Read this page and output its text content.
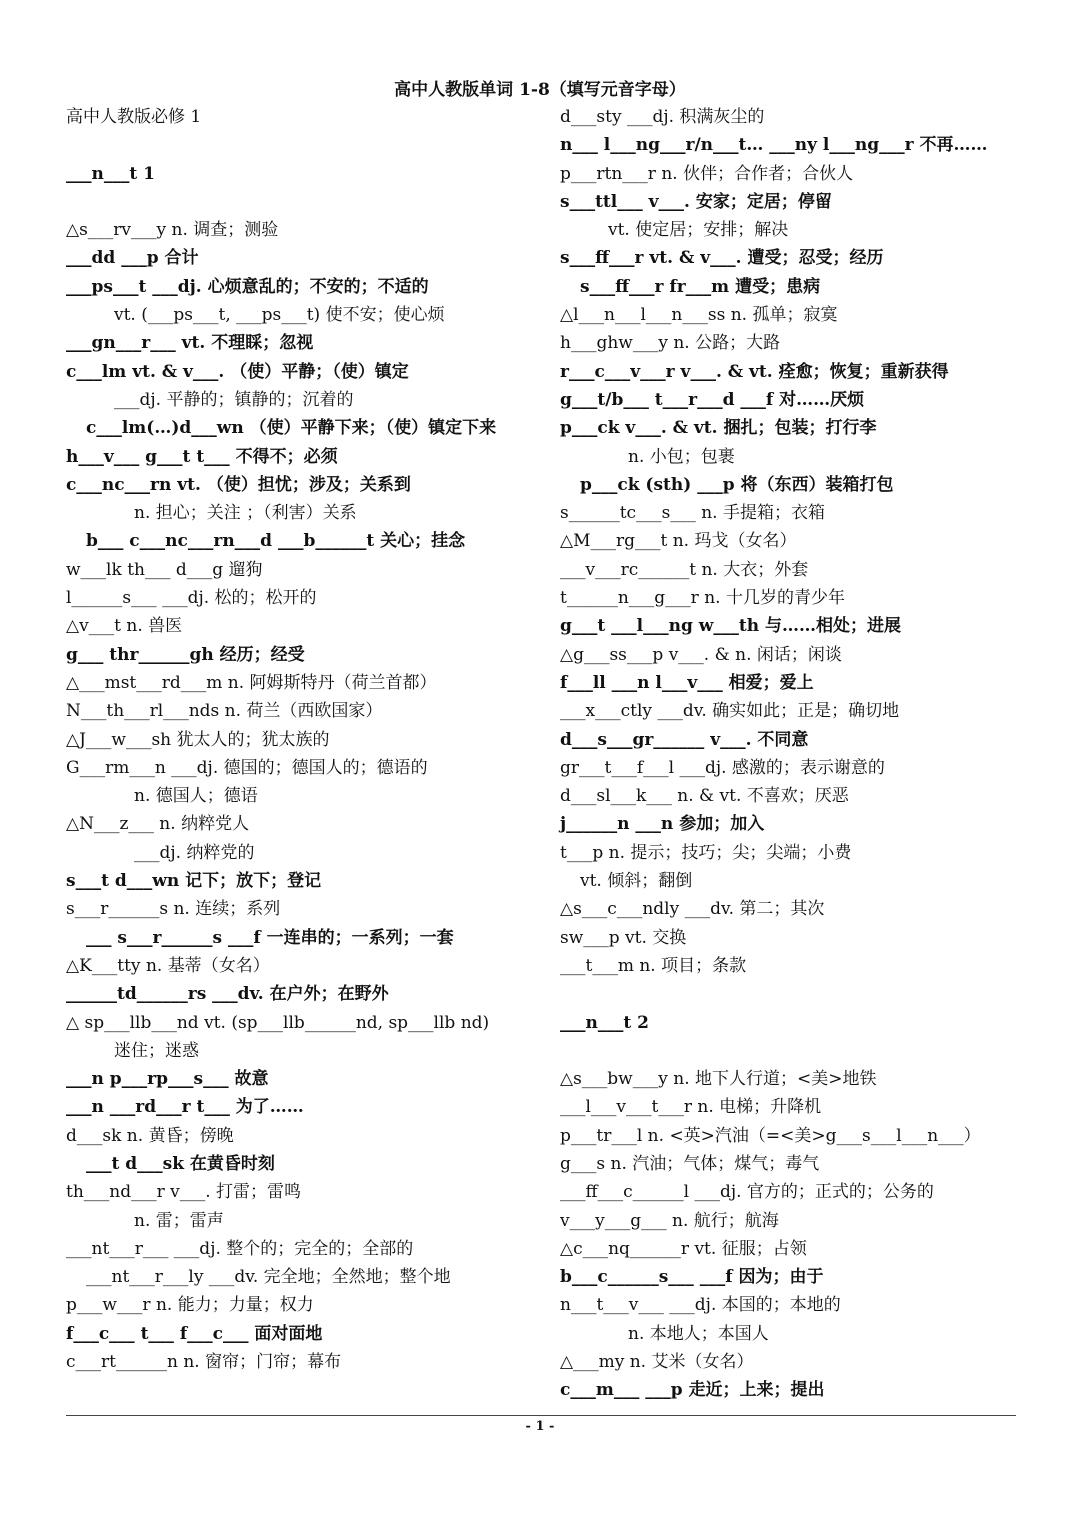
高中人教版单词 1-8（填写元音字母）
高中人教版必修 1
___n___t 1
△s___rv___y n. 调查；测验
___dd ___p 合计
___ps___t ___dj. 心烦意乱的；不安的；不适的
vt. (___ps___t, ___ps___t) 使不安；使心烦
___gn___r___ vt. 不理睬；忽视
c___lm vt. & v___. （使）平静；（使）镇定
___dj. 平静的；镇静的；沉着的
c___lm(…)d___wn （使）平静下来；（使）镇定下来
h___v___ g___t t___ 不得不；必须
c___nc___rn vt. （使）担忧；涉及；关系到
n. 担心；关注 ；（利害）关系
b___ c___nc___rn___d ___b______t 关心；挂念
w___lk th___ d___g 遛狗
l______s___ ___dj. 松的；松开的
△v___t n. 兽医
g___ thr______gh 经历；经受
△___mst___rd___m n. 阿姆斯特丹（荷兰首都）
N___th___rl___nds n. 荷兰（西欧国家）
△J___w___sh 犹太人的；犹太族的
G___rm___n ___dj. 德国的；德国人的；德语的
n. 德国人；德语
△N___z___ n. 纳粹党人
___dj. 纳粹党的
s___t d___wn 记下；放下；登记
s___r______s n. 连续；系列
___ s___r______s ___f 一连串的；一系列；一套
△K___tty n. 基蒂（女名）
______td______rs ___dv. 在户外；在野外
△ sp___llb___nd vt. (sp___llb______nd, sp___llb nd)
迷住；迷惑
___n p___rp___s___ 故意
___n ___rd___r t___ 为了……
d___sk n. 黄昏；傍晚
___t d___sk 在黄昏时刻
th___nd___r v___. 打雷；雷鸣
n. 雷；雷声
___nt___r___ ___dj. 整个的；完全的；全部的
___nt___r___ly ___dv. 完全地；全然地；整个地
p___w___r n. 能力；力量；权力
f___c___ t___ f___c___ 面对面地
c___rt______n n. 窗帘；门帘；幕布
d___sty ___dj. 积满灰尘的
n___ l___ng___r/n___t… ___ny l___ng___r 不再……
p___rtn___r n. 伙伴；合作者；合伙人
s___ttl___ v___. 安家；定居；停留
vt. 使定居；安排；解决
s___ff___r vt. & v___. 遭受；忍受；经历
s___ff___r fr___m 遭受；患病
△l___n___l___n___ss n. 孤单；寂寞
h___ghw___y n. 公路；大路
r___c___v___r v___. & vt. 痊愈；恢复；重新获得
g___t/b___ t___r___d ___f 对……厌烦
p___ck v___. & vt. 捆扎；包装；打行李
n. 小包；包裹
p___ck (sth) ___p 将（东西）装箱打包
s______tc___s___ n. 手提箱；衣箱
△M___rg___t n. 玛戈（女名）
___v___rc______t n. 大衣；外套
t______n___g___r n. 十几岁的青少年
g___t ___l___ng w___th 与……相处；进展
△g___ss___p v___. & n. 闲话；闲谈
f___ll ___n l___v___ 相爱；爱上
___x___ctly ___dv. 确实如此；正是；确切地
d___s___gr______ v___. 不同意
gr___t___f___l ___dj. 感激的；表示谢意的
d___sl___k___ n. & vt. 不喜欢；厌恶
j______n ___n 参加；加入
t___p n. 提示；技巧；尖；尖端；小费
vt. 倾斜；翻倒
△s___c___ndly ___dv. 第二；其次
sw___p vt. 交换
___t___m n. 项目；条款
___n___t 2
△s___bw___y n. 地下人行道；<美>地铁
___l___v___t___r n. 电梯；升降机
p___tr___l n. <英>汽油（=<美>g___s___l___n___）
g___s n. 汽油；气体；煤气；毒气
___ff___c______l ___dj. 官方的；正式的；公务的
v___y___g___ n. 航行；航海
△c___nq______r vt. 征服；占领
b___c______s___ ___f 因为；由于
n___t___v___ ___dj. 本国的；本地的
n. 本地人；本国人
△___my n. 艾米（女名）
c___m___ ___p 走近；上来；提出
- 1 -
